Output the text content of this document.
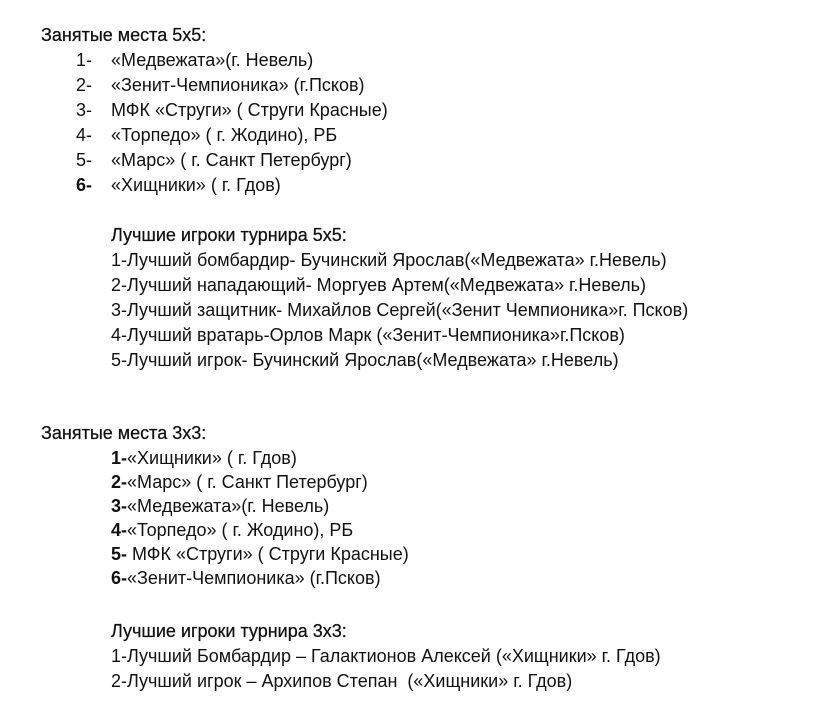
Занятые места 5х5:
1- «Медвежата»(г. Невель)
2- «Зенит-Чемпионика» (г.Псков)
3- МФК «Струги» ( Струги Красные)
4- «Торпедо» ( г. Жодино), РБ
5- «Марс» ( г. Санкт Петербург)
6- «Хищники» ( г. Гдов)
Лучшие игроки турнира 5х5:
1-Лучший бомбардир- Бучинский Ярослав(«Медвежата» г.Невель)
2-Лучший нападающий- Моргуев Артем(«Медвежата» г.Невель)
3-Лучший защитник- Михайлов Сергей(«Зенит Чемпионика»г. Псков)
4-Лучший вратарь-Орлов Марк («Зенит-Чемпионика»г.Псков)
5-Лучший игрок- Бучинский Ярослав(«Медвежата» г.Невель)
Занятые места 3х3:
1-«Хищники» ( г. Гдов)
2-«Марс» ( г. Санкт Петербург)
3-«Медвежата»(г. Невель)
4-«Торпедо» ( г. Жодино), РБ
5- МФК «Струги» ( Струги Красные)
6-«Зенит-Чемпионика» (г.Псков)
Лучшие игроки турнира 3х3:
1-Лучший Бомбардир – Галактионов Алексей («Хищники» г. Гдов)
2-Лучший игрок – Архипов Степан  («Хищники» г. Гдов)
